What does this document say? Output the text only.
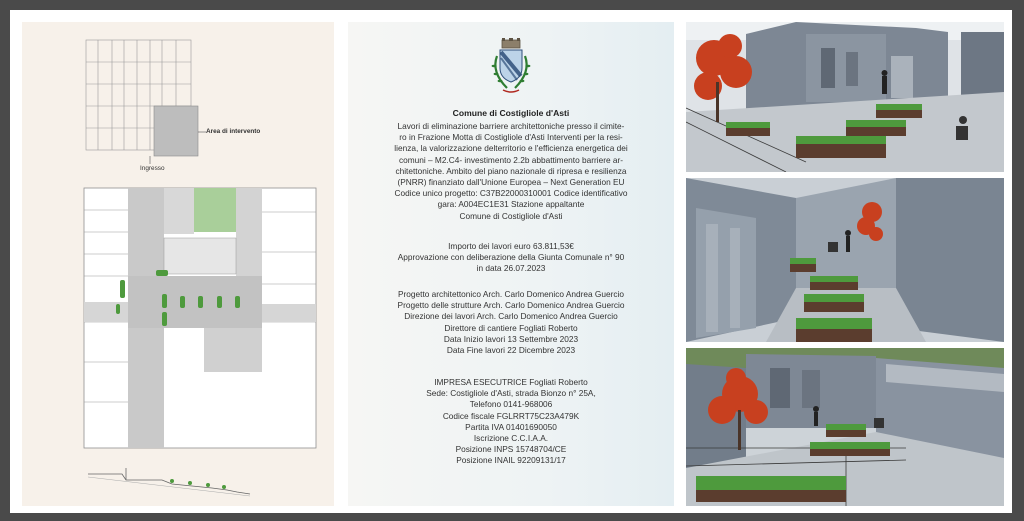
Area di intervento
Ingresso

Comune di Costigliole d'Asti

Lavori di eliminazione barriere architettoniche presso il cimite-

ro in Frazione Motta di Costigliole d'Asti Interventi per la resi-

lienza, la valorizzazione delterritorio e l'efficienza energetica dei

comuni – M2.C4- investimento 2.2b abbattimento barriere ar-

chitettoniche. Ambito del piano nazionale di ripresa e resilienza

(PNRR) finanziato dall'Unione Europea – Next Generation EU

Codice unico progetto: C37B22000310001 Codice identificativo

gara: A004EC1E31 Stazione appaltante

Comune di Costigliole d'Asti

Importo dei lavori euro 63.811,53€

Approvazione con deliberazione della Giunta Comunale n° 90

in data 26.07.2023

Progetto architettonico Arch. Carlo Domenico Andrea Guercio

Progetto delle strutture Arch. Carlo Domenico Andrea Guercio

Direzione dei lavori Arch. Carlo Domenico Andrea Guercio

Direttore di cantiere Fogliati Roberto

Data Inizio lavori 13 Settembre 2023

Data Fine lavori 22 Dicembre 2023

IMPRESA ESECUTRICE Fogliati Roberto

Sede: Costigliole d'Asti, strada Bionzo n° 25A,

Telefono 0141-968006

Codice fiscale FGLRRT75C23A479K

Partita IVA 01401690050

Iscrizione C.C.I.A.A.

Posizione INPS 15748704/CE

Posizione INAIL 92209131/17
